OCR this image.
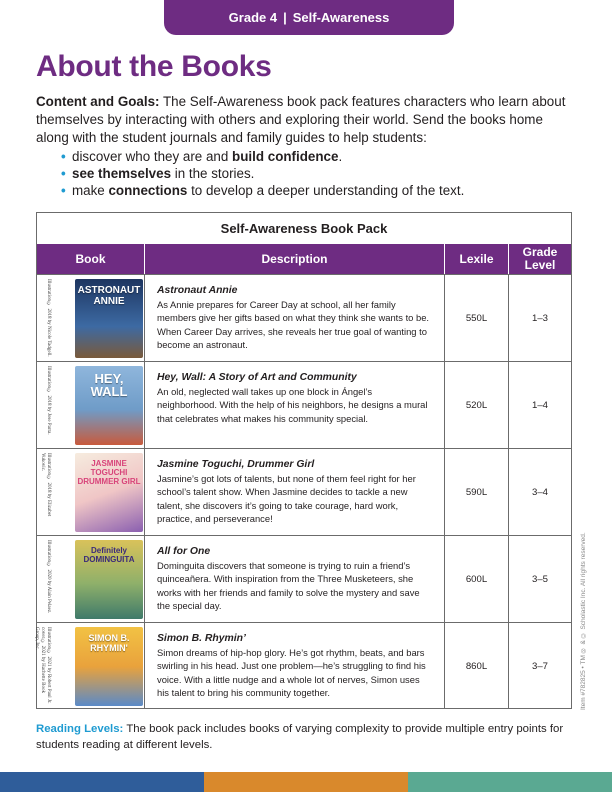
Grade 4 | Self-Awareness
About the Books

Content and Goals: The Self-Awareness book pack features characters who learn about themselves by interacting with others and exploring their world. Send the books home along with the student journals and family guides to help students:

• discover who they are and build confidence.
• see themselves in the stories.
• make connections to develop a deeper understanding of the text.
Self-Awareness Book Pack
Book	Description	Lexile	Grade Level
Illustration © 2018 by Nicole Tadgell.	ASTRONAUT ANNIE
Astronaut Annie
As Annie prepares for Career Day at school, all her family members give her gifts based on what they think she wants to be. When Career Day arrives, she reveals her true goal of wanting to become an astronaut.
550L	1–3
Illustration © 2018 by Jose Parra.	HEY, WALL
Hey, Wall: A Story of Art and Community
An old, neglected wall takes up one block in Ángel’s neighborhood. With the help of his neighbors, he designs a mural that celebrates what makes his community special.
520L	1–4
Illustration © 2018 by Elizabet Vukovic.	JASMINE TOGUCHI DRUMMER GIRL
Jasmine Toguchi, Drummer Girl
Jasmine’s got lots of talents, but none of them feel right for her school’s talent show. When Jasmine decides to tackle a new talent, she discovers it’s going to take courage, hard work, practice, and perseverance!
590L	3–4
Illustration © 2020 by Alain Pelaez.	Definitely DOMINGUITA
All for One
Dominguita discovers that someone is trying to ruin a friend’s quinceañera. With inspiration from the Three Musketeers, she works with her friends and family to solve the mystery and save the special day.
600L	3–5
Illustration © 2021 by Robert Paul Jr. cover © 2021 by Hachette Book Group, Inc.	SIMON B. RHYMIN'
Simon B. Rhymin’
Simon dreams of hip-hop glory. He’s got rhythm, beats, and bars swirling in his head. Just one problem—he’s struggling to find his voice. With a little nudge and a whole lot of nerves, Simon uses his talent to bring his community together.
860L	3–7	Item #782825 • TM ® & © Scholastic Inc. All rights reserved.

Reading Levels: The book pack includes books of varying complexity to provide multiple entry points for students reading at different levels.
